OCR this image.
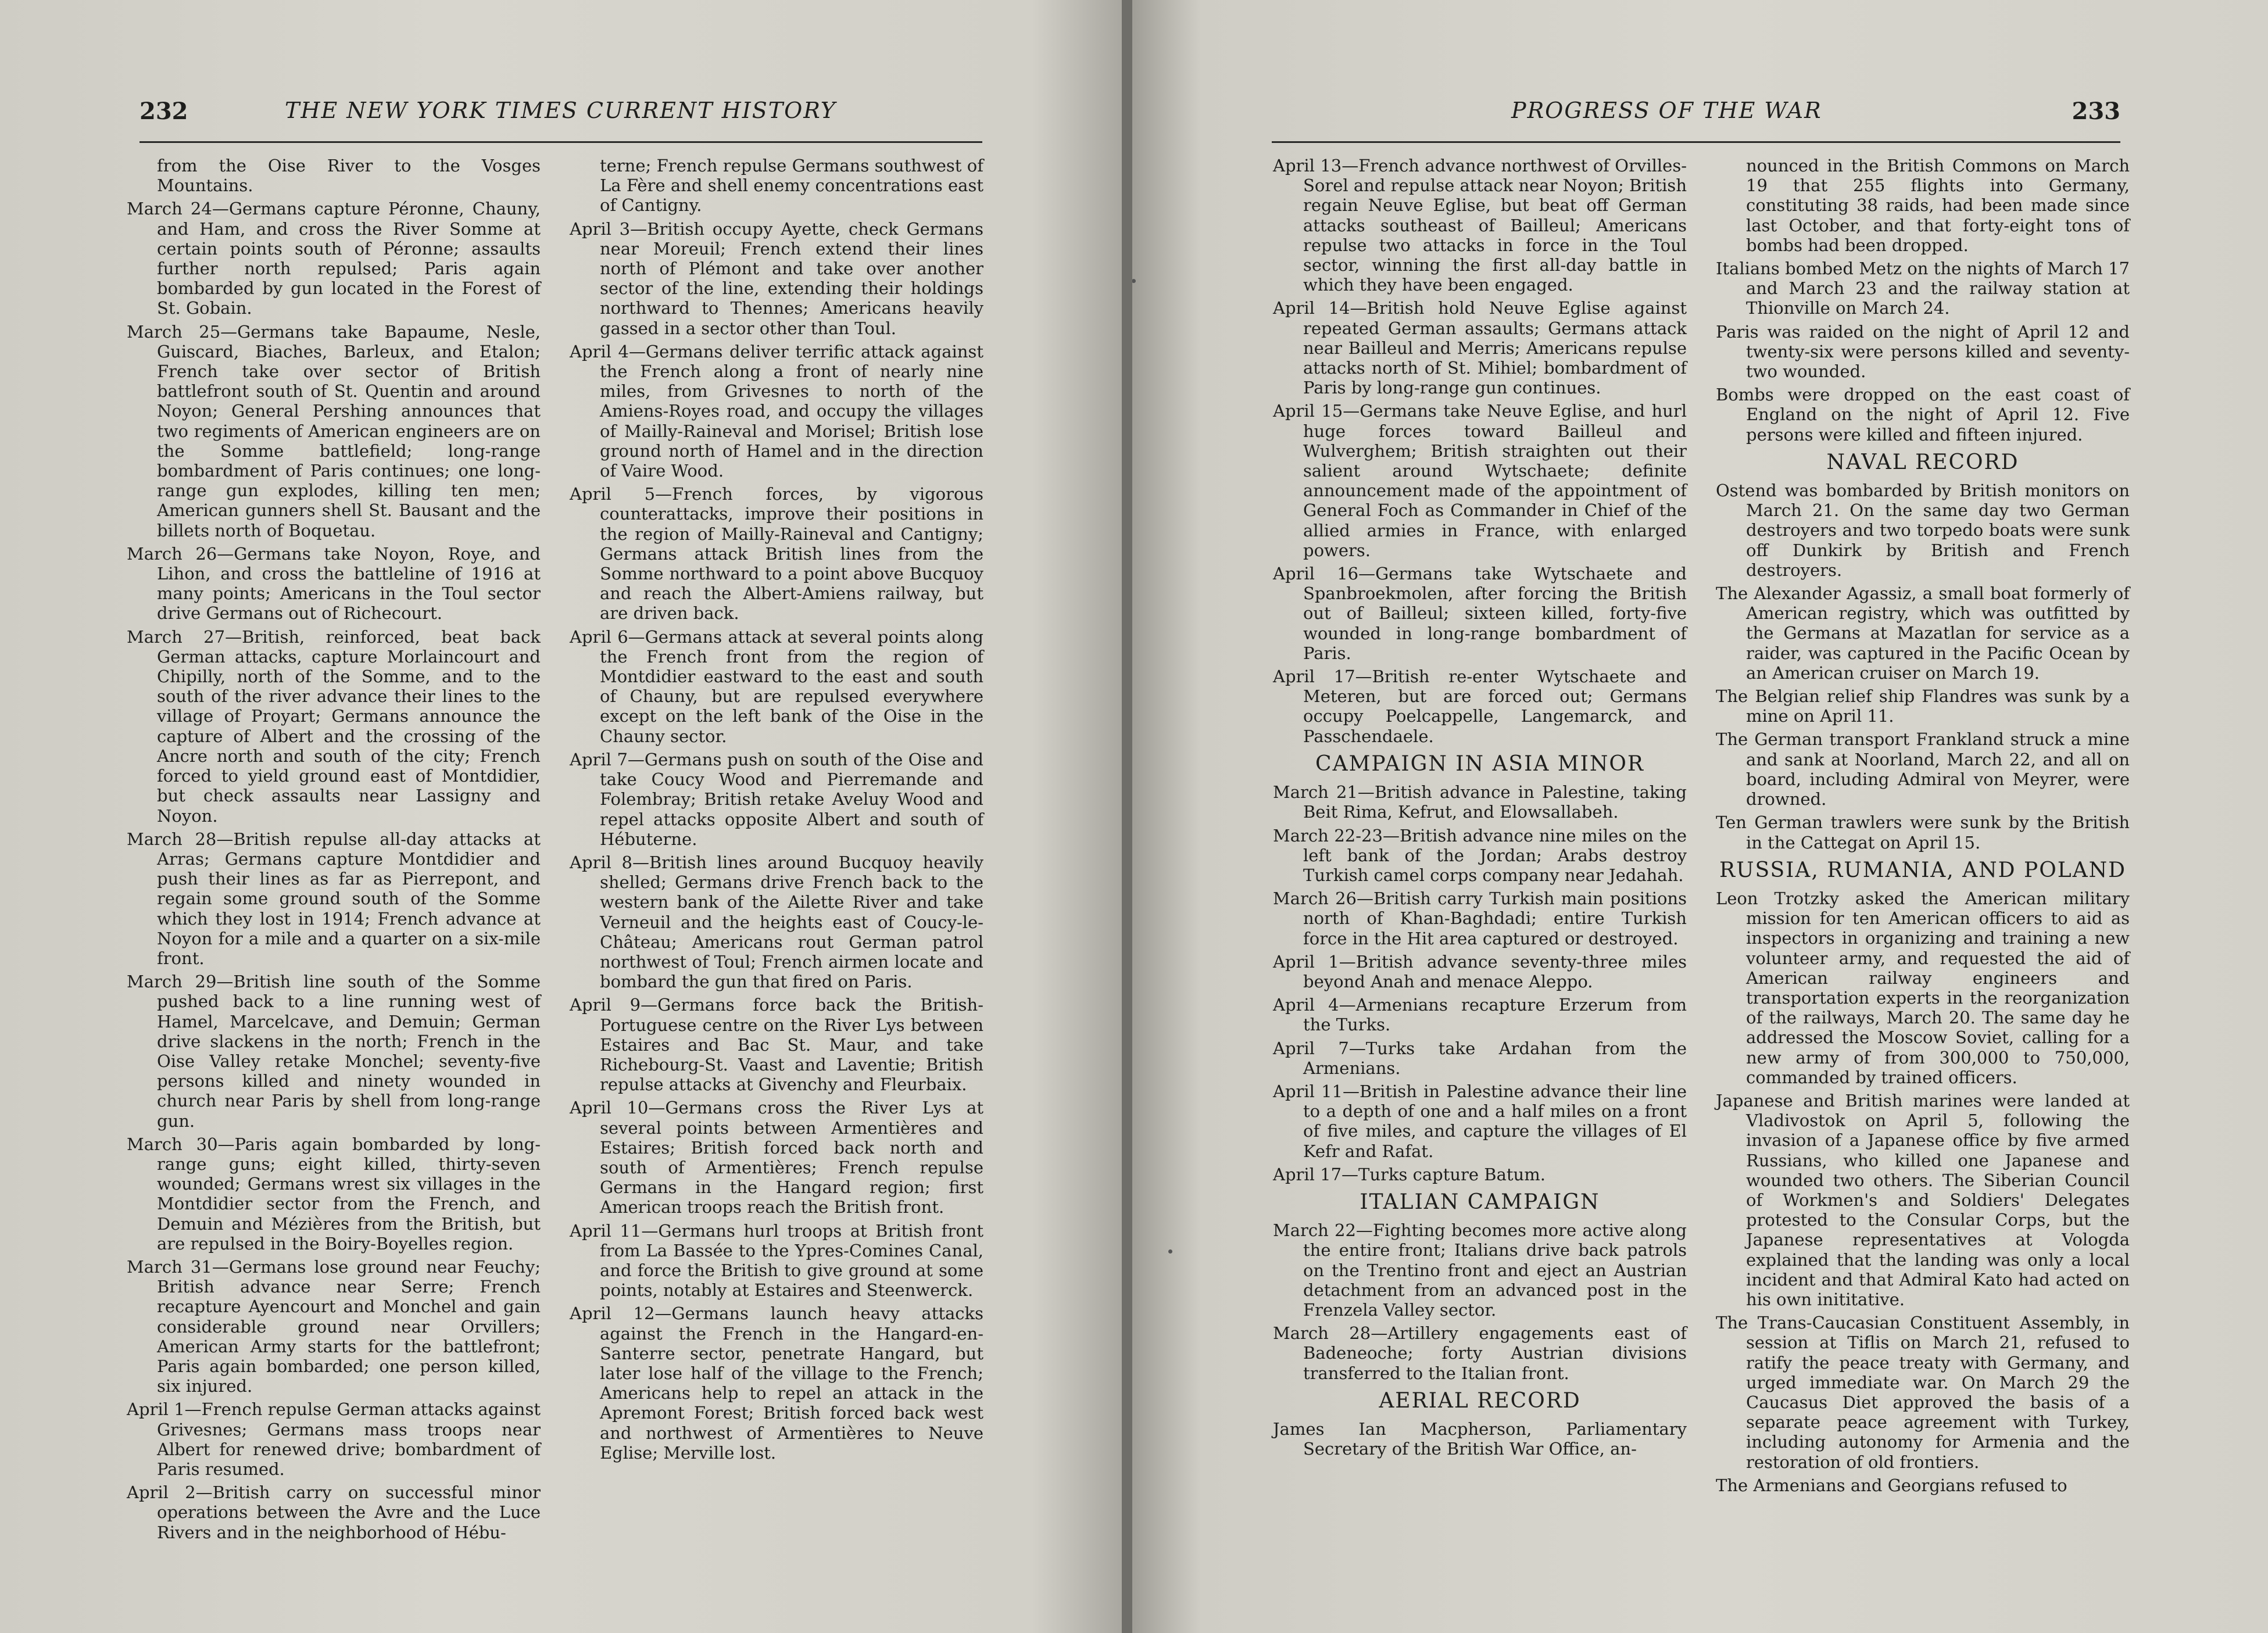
232	THE NEW YORK TIMES CURRENT HISTORY

from the Oise River to the Vosges Mountains.

March 24—Germans capture Péronne, Chauny, and Ham, and cross the River Somme at certain points south of Péronne; assaults further north repulsed; Paris again bombarded by gun located in the Forest of St. Gobain.

March 25—Germans take Bapaume, Nesle, Guiscard, Biaches, Barleux, and Etalon; French take over sector of British battlefront south of St. Quentin and around Noyon; General Pershing announces that two regiments of American engineers are on the Somme battlefield; long-range bombardment of Paris continues; one long-range gun explodes, killing ten men; American gunners shell St. Bausant and the billets north of Boquetau.

March 26—Germans take Noyon, Roye, and Lihon, and cross the battleline of 1916 at many points; Americans in the Toul sector drive Germans out of Richecourt.

March 27—British, reinforced, beat back German attacks, capture Morlaincourt and Chipilly, north of the Somme, and to the south of the river advance their lines to the village of Proyart; Germans announce the capture of Albert and the crossing of the Ancre north and south of the city; French forced to yield ground east of Montdidier, but check assaults near Lassigny and Noyon.

March 28—British repulse all-day attacks at Arras; Germans capture Montdidier and push their lines as far as Pierrepont, and regain some ground south of the Somme which they lost in 1914; French advance at Noyon for a mile and a quarter on a six-mile front.

March 29—British line south of the Somme pushed back to a line running west of Hamel, Marcelcave, and Demuin; German drive slackens in the north; French in the Oise Valley retake Monchel; seventy-five persons killed and ninety wounded in church near Paris by shell from long-range gun.

March 30—Paris again bombarded by long-range guns; eight killed, thirty-seven wounded; Germans wrest six villages in the Montdidier sector from the French, and Demuin and Mézières from the British, but are repulsed in the Boiry-Boyelles region.

March 31—Germans lose ground near Feuchy; British advance near Serre; French recapture Ayencourt and Monchel and gain considerable ground near Orvillers; American Army starts for the battlefront; Paris again bombarded; one person killed, six injured.

April 1—French repulse German attacks against Grivesnes; Germans mass troops near Albert for renewed drive; bombardment of Paris resumed.

April 2—British carry on successful minor operations between the Avre and the Luce Rivers and in the neighborhood of Hébu-

terne; French repulse Germans southwest of La Fère and shell enemy concentrations east of Cantigny.

April 3—British occupy Ayette, check Germans near Moreuil; French extend their lines north of Plémont and take over another sector of the line, extending their holdings northward to Thennes; Americans heavily gassed in a sector other than Toul.

April 4—Germans deliver terrific attack against the French along a front of nearly nine miles, from Grivesnes to north of the Amiens-Royes road, and occupy the villages of Mailly-Raineval and Morisel; British lose ground north of Hamel and in the direction of Vaire Wood.

April 5—French forces, by vigorous counterattacks, improve their positions in the region of Mailly-Raineval and Cantigny; Germans attack British lines from the Somme northward to a point above Bucquoy and reach the Albert-Amiens railway, but are driven back.

April 6—Germans attack at several points along the French front from the region of Montdidier eastward to the east and south of Chauny, but are repulsed everywhere except on the left bank of the Oise in the Chauny sector.

April 7—Germans push on south of the Oise and take Coucy Wood and Pierremande and Folembray; British retake Aveluy Wood and repel attacks opposite Albert and south of Hébuterne.

April 8—British lines around Bucquoy heavily shelled; Germans drive French back to the western bank of the Ailette River and take Verneuil and the heights east of Coucy-le-Château; Americans rout German patrol northwest of Toul; French airmen locate and bombard the gun that fired on Paris.

April 9—Germans force back the British-Portuguese centre on the River Lys between Estaires and Bac St. Maur, and take Richebourg-St. Vaast and Laventie; British repulse attacks at Givenchy and Fleurbaix.

April 10—Germans cross the River Lys at several points between Armentières and Estaires; British forced back north and south of Armentières; French repulse Germans in the Hangard region; first American troops reach the British front.

April 11—Germans hurl troops at British front from La Bassée to the Ypres-Comines Canal, and force the British to give ground at some points, notably at Estaires and Steenwerck.

April 12—Germans launch heavy attacks against the French in the Hangard-en-Santerre sector, penetrate Hangard, but later lose half of the village to the French; Americans help to repel an attack in the Apremont Forest; British forced back west and northwest of Armentières to Neuve Eglise; Merville lost.

PROGRESS OF THE WAR	233

April 13—French advance northwest of Orvilles-Sorel and repulse attack near Noyon; British regain Neuve Eglise, but beat off German attacks southeast of Bailleul; Americans repulse two attacks in force in the Toul sector, winning the first all-day battle in which they have been engaged.

April 14—British hold Neuve Eglise against repeated German assaults; Germans attack near Bailleul and Merris; Americans repulse attacks north of St. Mihiel; bombardment of Paris by long-range gun continues.

April 15—Germans take Neuve Eglise, and hurl huge forces toward Bailleul and Wulverghem; British straighten out their salient around Wytschaete; definite announcement made of the appointment of General Foch as Commander in Chief of the allied armies in France, with enlarged powers.

April 16—Germans take Wytschaete and Spanbroekmolen, after forcing the British out of Bailleul; sixteen killed, forty-five wounded in long-range bombardment of Paris.

April 17—British re-enter Wytschaete and Meteren, but are forced out; Germans occupy Poelcappelle, Langemarck, and Passchendaele.

CAMPAIGN IN ASIA MINOR

March 21—British advance in Palestine, taking Beit Rima, Kefrut, and Elowsallabeh.

March 22-23—British advance nine miles on the left bank of the Jordan; Arabs destroy Turkish camel corps company near Jedahah.

March 26—British carry Turkish main positions north of Khan-Baghdadi; entire Turkish force in the Hit area captured or destroyed.

April 1—British advance seventy-three miles beyond Anah and menace Aleppo.

April 4—Armenians recapture Erzerum from the Turks.

April 7—Turks take Ardahan from the Armenians.

April 11—British in Palestine advance their line to a depth of one and a half miles on a front of five miles, and capture the villages of El Kefr and Rafat.

April 17—Turks capture Batum.

ITALIAN CAMPAIGN

March 22—Fighting becomes more active along the entire front; Italians drive back patrols on the Trentino front and eject an Austrian detachment from an advanced post in the Frenzela Valley sector.

March 28—Artillery engagements east of Badeneoche; forty Austrian divisions transferred to the Italian front.

AERIAL RECORD

James Ian Macpherson, Parliamentary Secretary of the British War Office, an-

nounced in the British Commons on March 19 that 255 flights into Germany, constituting 38 raids, had been made since last October, and that forty-eight tons of bombs had been dropped.

Italians bombed Metz on the nights of March 17 and March 23 and the railway station at Thionville on March 24.

Paris was raided on the night of April 12 and twenty-six were persons killed and seventy-two wounded.

Bombs were dropped on the east coast of England on the night of April 12. Five persons were killed and fifteen injured.

NAVAL RECORD

Ostend was bombarded by British monitors on March 21. On the same day two German destroyers and two torpedo boats were sunk off Dunkirk by British and French destroyers.

The Alexander Agassiz, a small boat formerly of American registry, which was outfitted by the Germans at Mazatlan for service as a raider, was captured in the Pacific Ocean by an American cruiser on March 19.

The Belgian relief ship Flandres was sunk by a mine on April 11.

The German transport Frankland struck a mine and sank at Noorland, March 22, and all on board, including Admiral von Meyrer, were drowned.

Ten German trawlers were sunk by the British in the Cattegat on April 15.

RUSSIA, RUMANIA, AND POLAND

Leon Trotzky asked the American military mission for ten American officers to aid as inspectors in organizing and training a new volunteer army, and requested the aid of American railway engineers and transportation experts in the reorganization of the railways, March 20. The same day he addressed the Moscow Soviet, calling for a new army of from 300,000 to 750,000, commanded by trained officers.

Japanese and British marines were landed at Vladivostok on April 5, following the invasion of a Japanese office by five armed Russians, who killed one Japanese and wounded two others. The Siberian Council of Workmen's and Soldiers' Delegates protested to the Consular Corps, but the Japanese representatives at Vologda explained that the landing was only a local incident and that Admiral Kato had acted on his own inititative.

The Trans-Caucasian Constituent Assembly, in session at Tiflis on March 21, refused to ratify the peace treaty with Germany, and urged immediate war. On March 29 the Caucasus Diet approved the basis of a separate peace agreement with Turkey, including autonomy for Armenia and the restoration of old frontiers.

The Armenians and Georgians refused to
